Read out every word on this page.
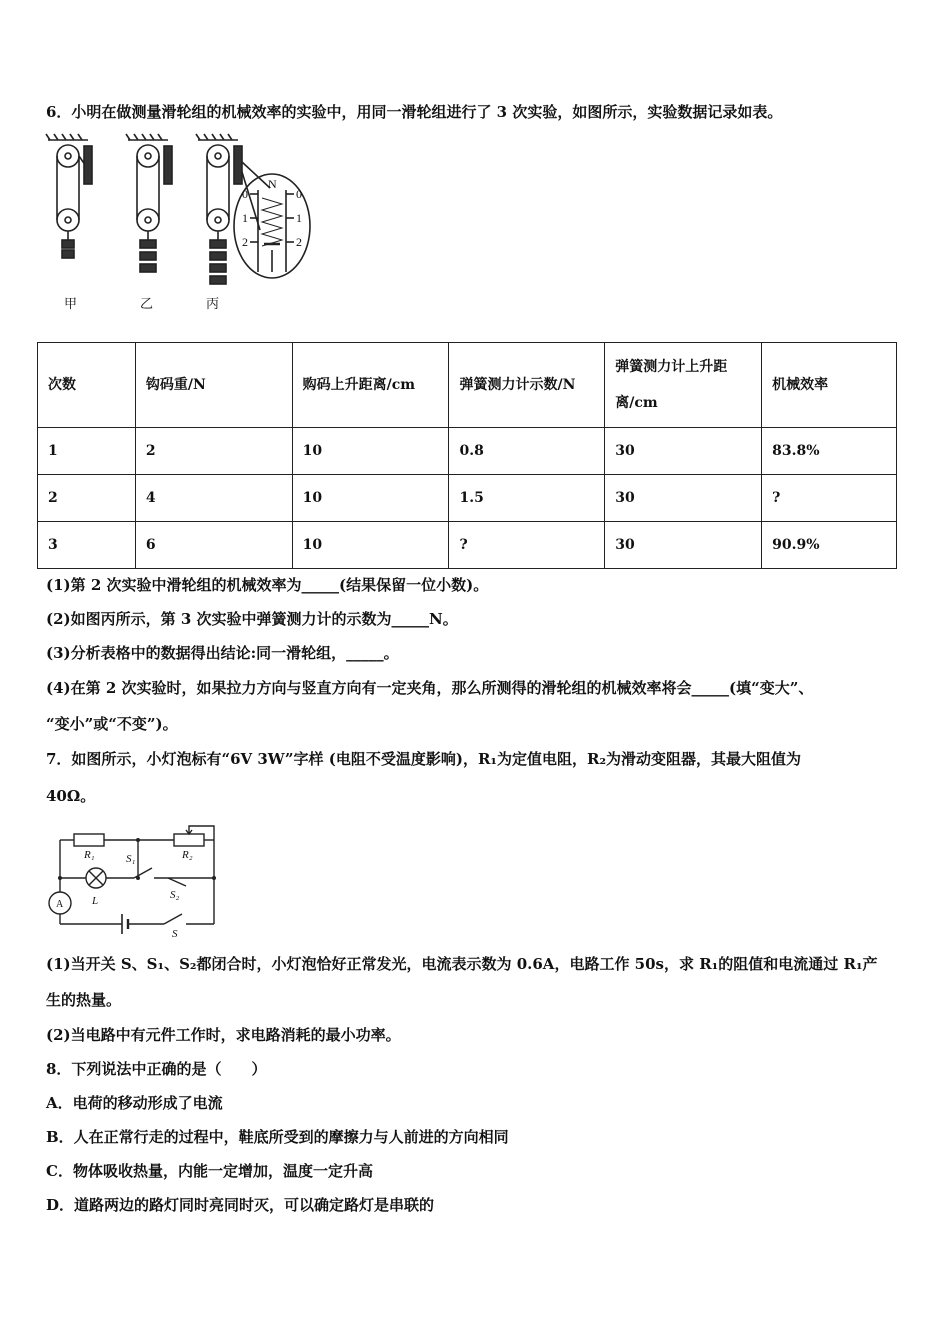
6．小明在做测量滑轮组的机械效率的实验中，用同一滑轮组进行了 3 次实验，如图所示，实验数据记录如表。
N
0
1
2
0
1
2
甲	乙	丙
次数	钩码重/N	购码上升距离/cm	弹簧测力计示数/N	弹簧测力计上升距离/cm	机械效率
1	2	10	0.8	30	83.8%
2	4	10	1.5	30	?
3	6	10	?	30	90.9%
(1)第 2 次实验中滑轮组的机械效率为_____(结果保留一位小数)。
(2)如图丙所示，第 3 次实验中弹簧测力计的示数为_____N。
(3)分析表格中的数据得出结论:同一滑轮组，_____。
(4)在第 2 次实验时，如果拉力方向与竖直方向有一定夹角，那么所测得的滑轮组的机械效率将会_____(填“变大”、
“变小”或“不变”)。
7．如图所示，小灯泡标有“6V 3W”字样 (电阻不受温度影响)，R₁为定值电阻，R₂为滑动变阻器，其最大阻值为
40Ω。
R₁	R₂
S₁
S₂
S
L
A
(1)当开关 S、S₁、S₂都闭合时，小灯泡恰好正常发光，电流表示数为 0.6A，电路工作 50s，求 R₁的阻值和电流通过 R₁产
生的热量。
(2)当电路中有元件工作时，求电路消耗的最小功率。
8．下列说法中正确的是（　　）
A．电荷的移动形成了电流
B．人在正常行走的过程中，鞋底所受到的摩擦力与人前进的方向相同
C．物体吸收热量，内能一定增加，温度一定升高
D．道路两边的路灯同时亮同时灭，可以确定路灯是串联的
